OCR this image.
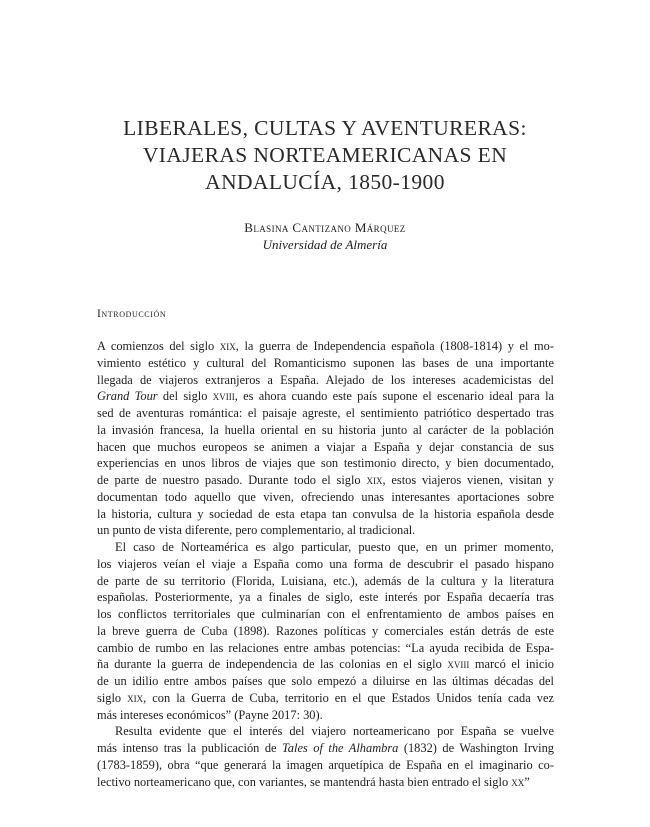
LIBERALES, CULTAS Y AVENTURERAS:
VIAJERAS NORTEAMERICANAS EN
ANDALUCÍA, 1850-1900
Blasina Cantizano Márquez
Universidad de Almería
Introducción
A comienzos del siglo xix, la guerra de Independencia española (1808-1814) y el mo-
vimiento estético y cultural del Romanticismo suponen las bases de una importante
llegada de viajeros extranjeros a España. Alejado de los intereses academicistas del
Grand Tour del siglo xviii, es ahora cuando este país supone el escenario ideal para la
sed de aventuras romántica: el paisaje agreste, el sentimiento patriótico despertado tras
la invasión francesa, la huella oriental en su historia junto al carácter de la población
hacen que muchos europeos se animen a viajar a España y dejar constancia de sus
experiencias en unos libros de viajes que son testimonio directo, y bien documentado,
de parte de nuestro pasado. Durante todo el siglo xix, estos viajeros vienen, visitan y
documentan todo aquello que viven, ofreciendo unas interesantes aportaciones sobre
la historia, cultura y sociedad de esta etapa tan convulsa de la historia española desde
un punto de vista diferente, pero complementario, al tradicional.
El caso de Norteamérica es algo particular, puesto que, en un primer momento,
los viajeros veían el viaje a España como una forma de descubrir el pasado hispano
de parte de su territorio (Florida, Luisiana, etc.), además de la cultura y la literatura
españolas. Posteriormente, ya a finales de siglo, este interés por España decaería tras
los conflictos territoriales que culminarían con el enfrentamiento de ambos países en
la breve guerra de Cuba (1898). Razones políticas y comerciales están detrás de este
cambio de rumbo en las relaciones entre ambas potencias: “La ayuda recibida de Espa-
ña durante la guerra de independencia de las colonias en el siglo xviii marcó el inicio
de un idilio entre ambos países que solo empezó a diluirse en las últimas décadas del
siglo xix, con la Guerra de Cuba, territorio en el que Estados Unidos tenía cada vez
más intereses económicos” (Payne 2017: 30).
Resulta evidente que el interés del viajero norteamericano por España se vuelve
más intenso tras la publicación de Tales of the Alhambra (1832) de Washington Irving
(1783-1859), obra “que generará la imagen arquetípica de España en el imaginario co-
lectivo norteamericano que, con variantes, se mantendrá hasta bien entrado el siglo xx”
